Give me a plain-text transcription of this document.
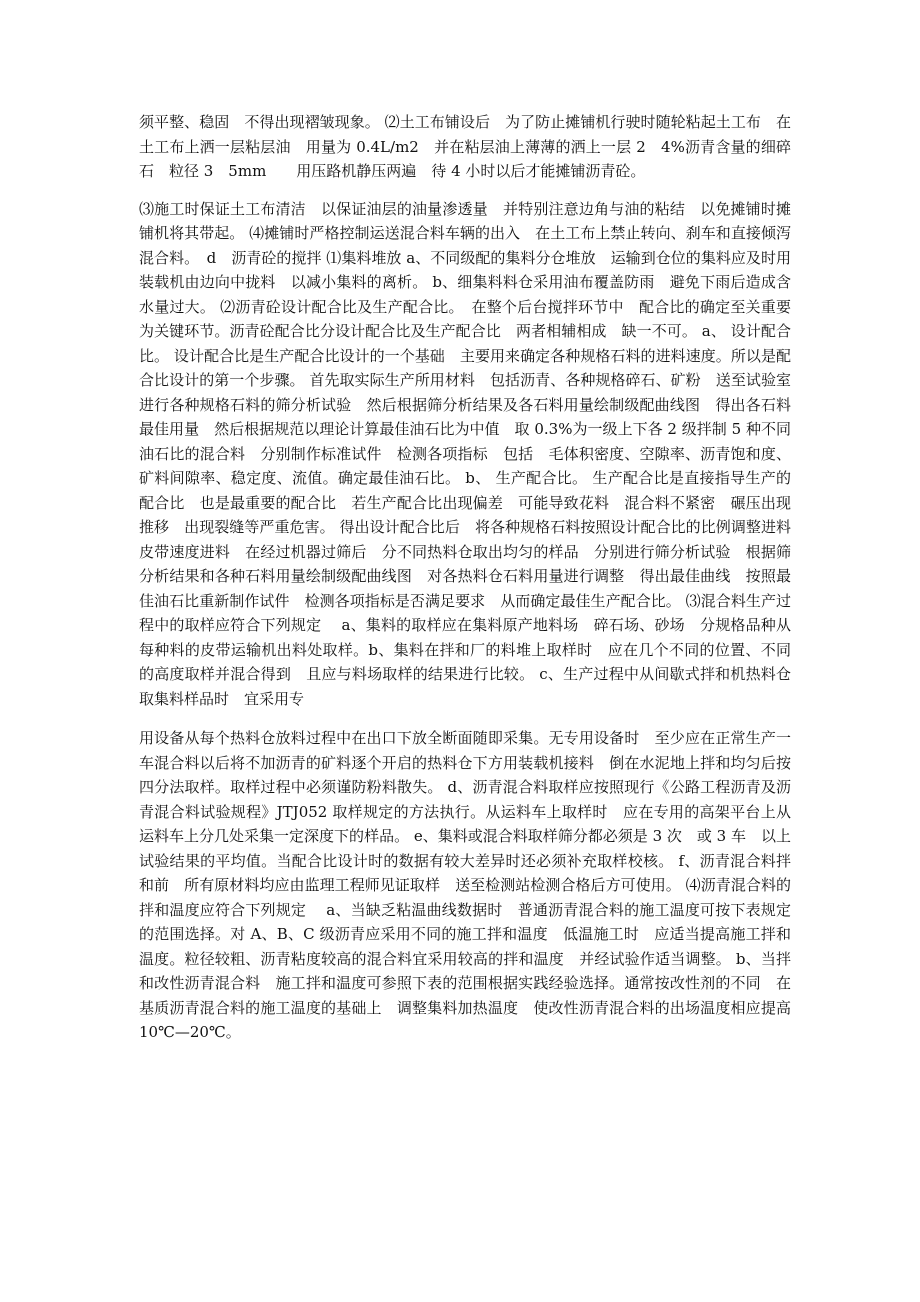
须平整、稳固　不得出现褶皱现象。 ⑵土工布铺设后　为了防止摊铺机行驶时随轮粘起土工布　在土工布上洒一层粘层油　用量为 0.4L/m2　并在粘层油上薄薄的洒上一层 2　4%沥青含量的细碎石　粒径 3　5mm　　用压路机静压两遍　待 4 小时以后才能摊铺沥青砼。

⑶施工时保证土工布清洁　以保证油层的油量渗透量　并特别注意边角与油的粘结　以免摊铺时摊铺机将其带起。 ⑷摊铺时严格控制运送混合料车辆的出入　在土工布上禁止转向、刹车和直接倾泻混合料。　d　沥青砼的搅拌 ⑴集料堆放 a、不同级配的集料分仓堆放　运输到仓位的集料应及时用装载机由边向中拢料　以减小集料的离析。 b、细集料料仓采用油布覆盖防雨　避免下雨后造成含水量过大。 ⑵沥青砼设计配合比及生产配合比。　在整个后台搅拌环节中　配合比的确定至关重要　为关键环节。沥青砼配合比分设计配合比及生产配合比　两者相辅相成　缺一不可。 a、 设计配合比。 设计配合比是生产配合比设计的一个基础　主要用来确定各种规格石料的进料速度。所以是配合比设计的第一个步骤。 首先取实际生产所用材料　包括沥青、各种规格碎石、矿粉　送至试验室进行各种规格石料的筛分析试验　然后根据筛分析结果及各石料用量绘制级配曲线图　得出各石料最佳用量　然后根据规范以理论计算最佳油石比为中值　取 0.3%为一级上下各 2 级拌制 5 种不同油石比的混合料　分别制作标准试件　检测各项指标　包括　毛体积密度、空隙率、沥青饱和度、矿料间隙率、稳定度、流值。确定最佳油石比。 b、 生产配合比。 生产配合比是直接指导生产的配合比　也是最重要的配合比　若生产配合比出现偏差　可能导致花料　混合料不紧密　碾压出现推移　出现裂缝等严重危害。 得出设计配合比后　将各种规格石料按照设计配合比的比例调整进料皮带速度进料　在经过机器过筛后　分不同热料仓取出均匀的样品　分别进行筛分析试验　根据筛分析结果和各种石料用量绘制级配曲线图　对各热料仓石料用量进行调整　得出最佳曲线　按照最佳油石比重新制作试件　检测各项指标是否满足要求　从而确定最佳生产配合比。 ⑶混合料生产过程中的取样应符合下列规定　 a、集料的取样应在集料原产地料场　碎石场、砂场　分规格品种从每种料的皮带运输机出料处取样。b、集料在拌和厂的料堆上取样时　应在几个不同的位置、不同的高度取样并混合得到　且应与料场取样的结果进行比较。 c、生产过程中从间歇式拌和机热料仓取集料样品时　宜采用专

用设备从每个热料仓放料过程中在出口下放全断面随即采集。无专用设备时　至少应在正常生产一车混合料以后将不加沥青的矿料逐个开启的热料仓下方用装载机接料　倒在水泥地上拌和均匀后按四分法取样。取样过程中必须谨防粉料散失。 d、沥青混合料取样应按照现行《公路工程沥青及沥青混合料试验规程》JTJ052 取样规定的方法执行。从运料车上取样时　应在专用的高架平台上从运料车上分几处采集一定深度下的样品。 e、集料或混合料取样筛分都必须是 3 次　或 3 车　以上试验结果的平均值。当配合比设计时的数据有较大差异时还必须补充取样校核。 f、沥青混合料拌和前　所有原材料均应由监理工程师见证取样　送至检测站检测合格后方可使用。 ⑷沥青混合料的拌和温度应符合下列规定　 a、当缺乏粘温曲线数据时　普通沥青混合料的施工温度可按下表规定的范围选择。对 A、B、C 级沥青应采用不同的施工拌和温度　低温施工时　应适当提高施工拌和温度。粒径较粗、沥青粘度较高的混合料宜采用较高的拌和温度　并经试验作适当调整。 b、当拌和改性沥青混合料　施工拌和温度可参照下表的范围根据实践经验选择。通常按改性剂的不同　在基质沥青混合料的施工温度的基础上　调整集料加热温度　使改性沥青混合料的出场温度相应提高 10℃—20℃。
